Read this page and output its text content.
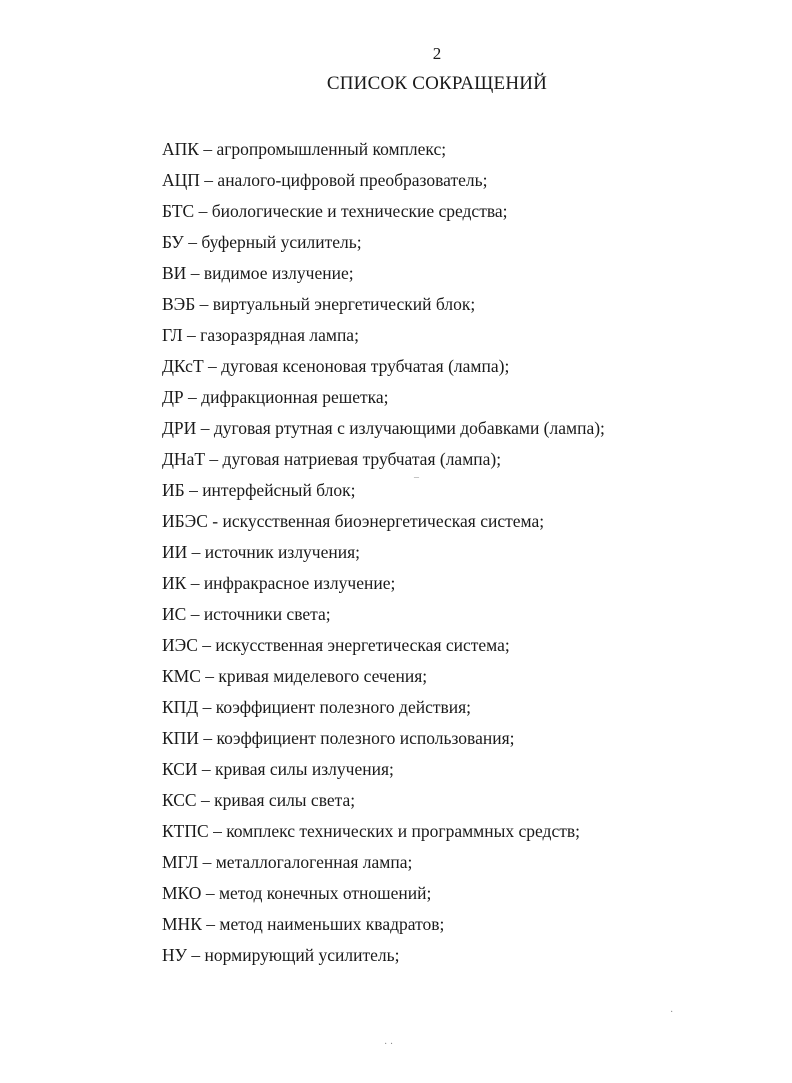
2
СПИСОК СОКРАЩЕНИЙ
АПК – агропромышленный комплекс;
АЦП – аналого-цифровой преобразователь;
БТС – биологические и технические средства;
БУ – буферный усилитель;
ВИ – видимое излучение;
ВЭБ – виртуальный энергетический блок;
ГЛ – газоразрядная лампа;
ДКсТ – дуговая ксеноновая трубчатая (лампа);
ДР – дифракционная решетка;
ДРИ – дуговая ртутная с излучающими добавками (лампа);
ДНаТ – дуговая натриевая трубчатая (лампа);
ИБ – интерфейсный блок;
ИБЭС - искусственная биоэнергетическая система;
ИИ – источник излучения;
ИК – инфракрасное излучение;
ИС – источники света;
ИЭС – искусственная энергетическая система;
КМС – кривая миделевого сечения;
КПД – коэффициент полезного действия;
КПИ – коэффициент полезного использования;
КСИ – кривая силы излучения;
КСС – кривая силы света;
КТПС – комплекс технических и программных средств;
МГЛ – металлогалогенная лампа;
МКО – метод конечных отношений;
МНК – метод наименьших квадратов;
НУ – нормирующий усилитель;
¯
·
· ·
